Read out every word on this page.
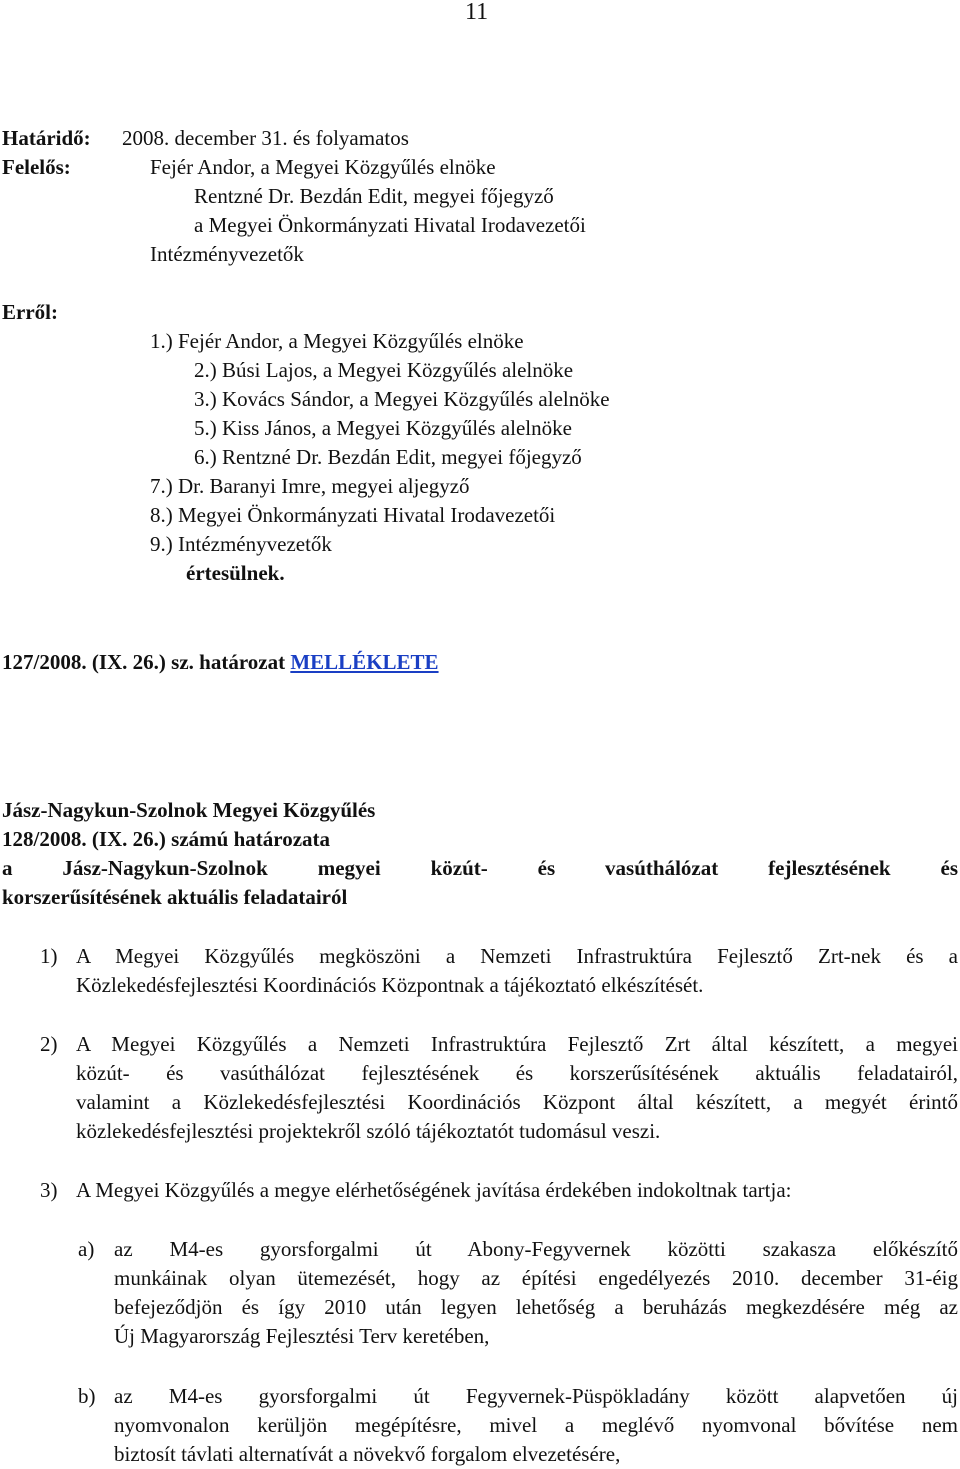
11
Határidő: 2008. december 31. és folyamatos
Felelős:	Fejér Andor, a Megyei Közgyűlés elnöke
Rentzné Dr. Bezdán Edit, megyei főjegyző
a Megyei Önkormányzati Hivatal Irodavezetői
Intézményvezetők
Erről:
1.) Fejér Andor, a Megyei Közgyűlés elnöke
2.) Búsi Lajos, a Megyei Közgyűlés alelnöke
3.) Kovács Sándor, a Megyei Közgyűlés alelnöke
5.) Kiss János, a Megyei Közgyűlés alelnöke
6.) Rentzné Dr. Bezdán Edit, megyei főjegyző
7.) Dr. Baranyi Imre, megyei aljegyző
8.) Megyei Önkormányzati Hivatal Irodavezetői
9.) Intézményvezetők
értesülnek.
127/2008. (IX. 26.) sz. határozat MELLÉKLETE
Jász-Nagykun-Szolnok Megyei Közgyűlés
128/2008. (IX. 26.) számú határozata
a Jász-Nagykun-Szolnok megyei közút- és vasúthálózat fejlesztésének és
korszerűsítésének aktuális feladatairól
1) A Megyei Közgyűlés megköszöni a Nemzeti Infrastruktúra Fejlesztő Zrt-nek és a
Közlekedésfejlesztési Koordinációs Központnak a tájékoztató elkészítését.
2) A Megyei Közgyűlés a Nemzeti Infrastruktúra Fejlesztő Zrt által készített, a megyei
közút- és vasúthálózat fejlesztésének és korszerűsítésének aktuális feladatairól,
valamint a Közlekedésfejlesztési Koordinációs Központ által készített, a megyét érintő
közlekedésfejlesztési projektekről szóló tájékoztatót tudomásul veszi.
3) A Megyei Közgyűlés a megye elérhetőségének javítása érdekében indokoltnak tartja:
a) az M4-es gyorsforgalmi út Abony-Fegyvernek közötti szakasza előkészítő
munkáinak olyan ütemezését, hogy az építési engedélyezés 2010. december 31-éig
befejeződjön és így 2010 után legyen lehetőség a beruházás megkezdésére még az
Új Magyarország Fejlesztési Terv keretében,
b) az M4-es gyorsforgalmi út Fegyvernek-Püspökladány között alapvetően új
nyomvonalon kerüljön megépítésre, mivel a meglévő nyomvonal bővítése nem
biztosít távlati alternatívát a növekvő forgalom elvezetésére,
